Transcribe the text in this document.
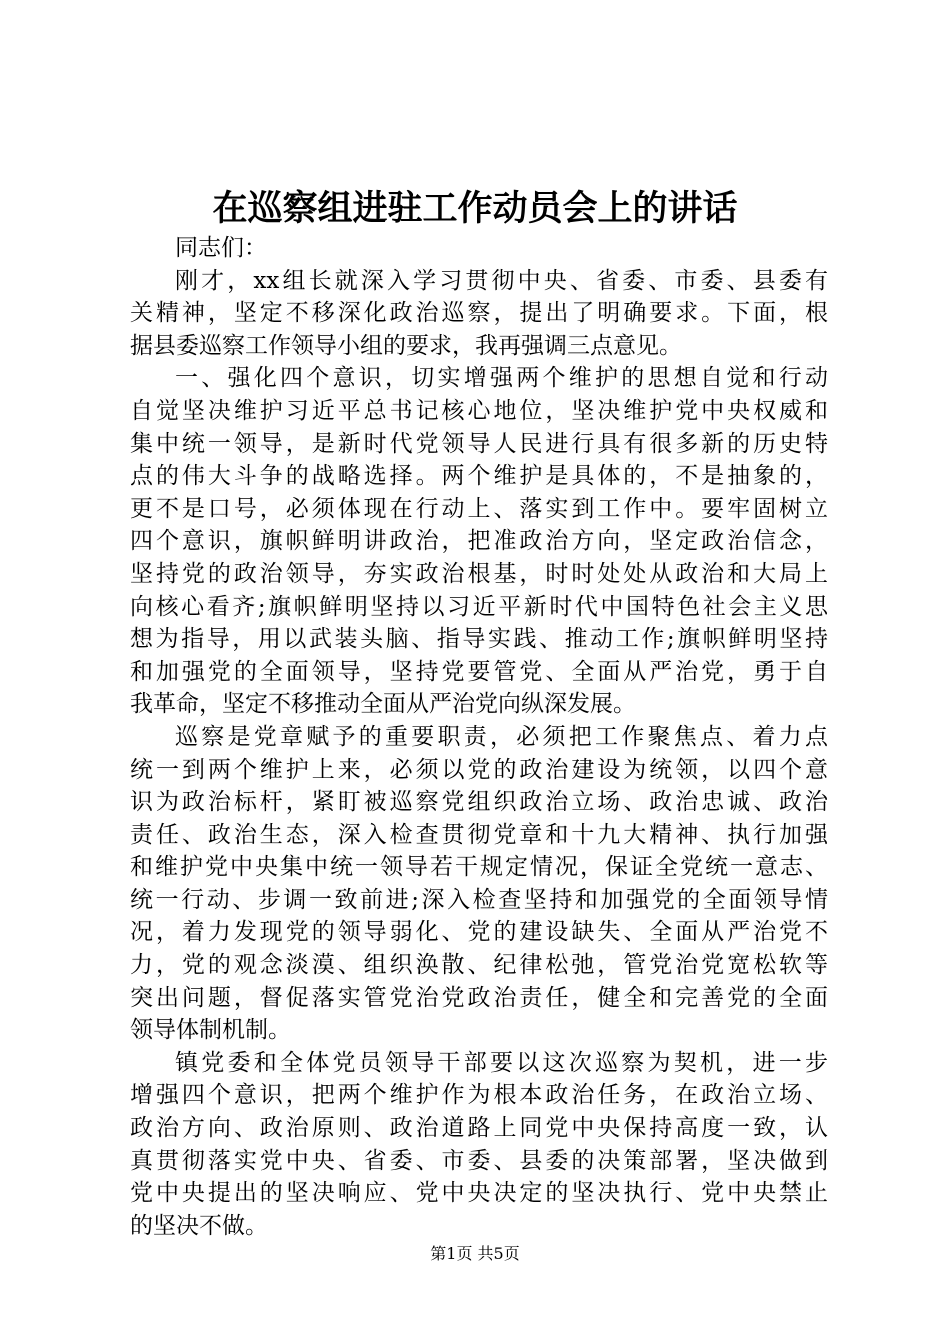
在巡察组进驻工作动员会上的讲话
同志们：
刚才，xx组长就深入学习贯彻中央、省委、市委、县委有
关精神，坚定不移深化政治巡察，提出了明确要求。下面，根
据县委巡察工作领导小组的要求，我再强调三点意见。
一、强化四个意识，切实增强两个维护的思想自觉和行动
自觉坚决维护习近平总书记核心地位，坚决维护党中央权威和
集中统一领导，是新时代党领导人民进行具有很多新的历史特
点的伟大斗争的战略选择。两个维护是具体的，不是抽象的，
更不是口号，必须体现在行动上、落实到工作中。要牢固树立
四个意识，旗帜鲜明讲政治，把准政治方向，坚定政治信念，
坚持党的政治领导，夯实政治根基，时时处处从政治和大局上
向核心看齐;旗帜鲜明坚持以习近平新时代中国特色社会主义思
想为指导，用以武装头脑、指导实践、推动工作;旗帜鲜明坚持
和加强党的全面领导，坚持党要管党、全面从严治党，勇于自
我革命，坚定不移推动全面从严治党向纵深发展。
巡察是党章赋予的重要职责，必须把工作聚焦点、着力点
统一到两个维护上来，必须以党的政治建设为统领，以四个意
识为政治标杆，紧盯被巡察党组织政治立场、政治忠诚、政治
责任、政治生态，深入检查贯彻党章和十九大精神、执行加强
和维护党中央集中统一领导若干规定情况，保证全党统一意志、
统一行动、步调一致前进;深入检查坚持和加强党的全面领导情
况，着力发现党的领导弱化、党的建设缺失、全面从严治党不
力，党的观念淡漠、组织涣散、纪律松弛，管党治党宽松软等
突出问题，督促落实管党治党政治责任，健全和完善党的全面
领导体制机制。
镇党委和全体党员领导干部要以这次巡察为契机，进一步
增强四个意识，把两个维护作为根本政治任务，在政治立场、
政治方向、政治原则、政治道路上同党中央保持高度一致，认
真贯彻落实党中央、省委、市委、县委的决策部署，坚决做到
党中央提出的坚决响应、党中央决定的坚决执行、党中央禁止
的坚决不做。
第1页 共5页
